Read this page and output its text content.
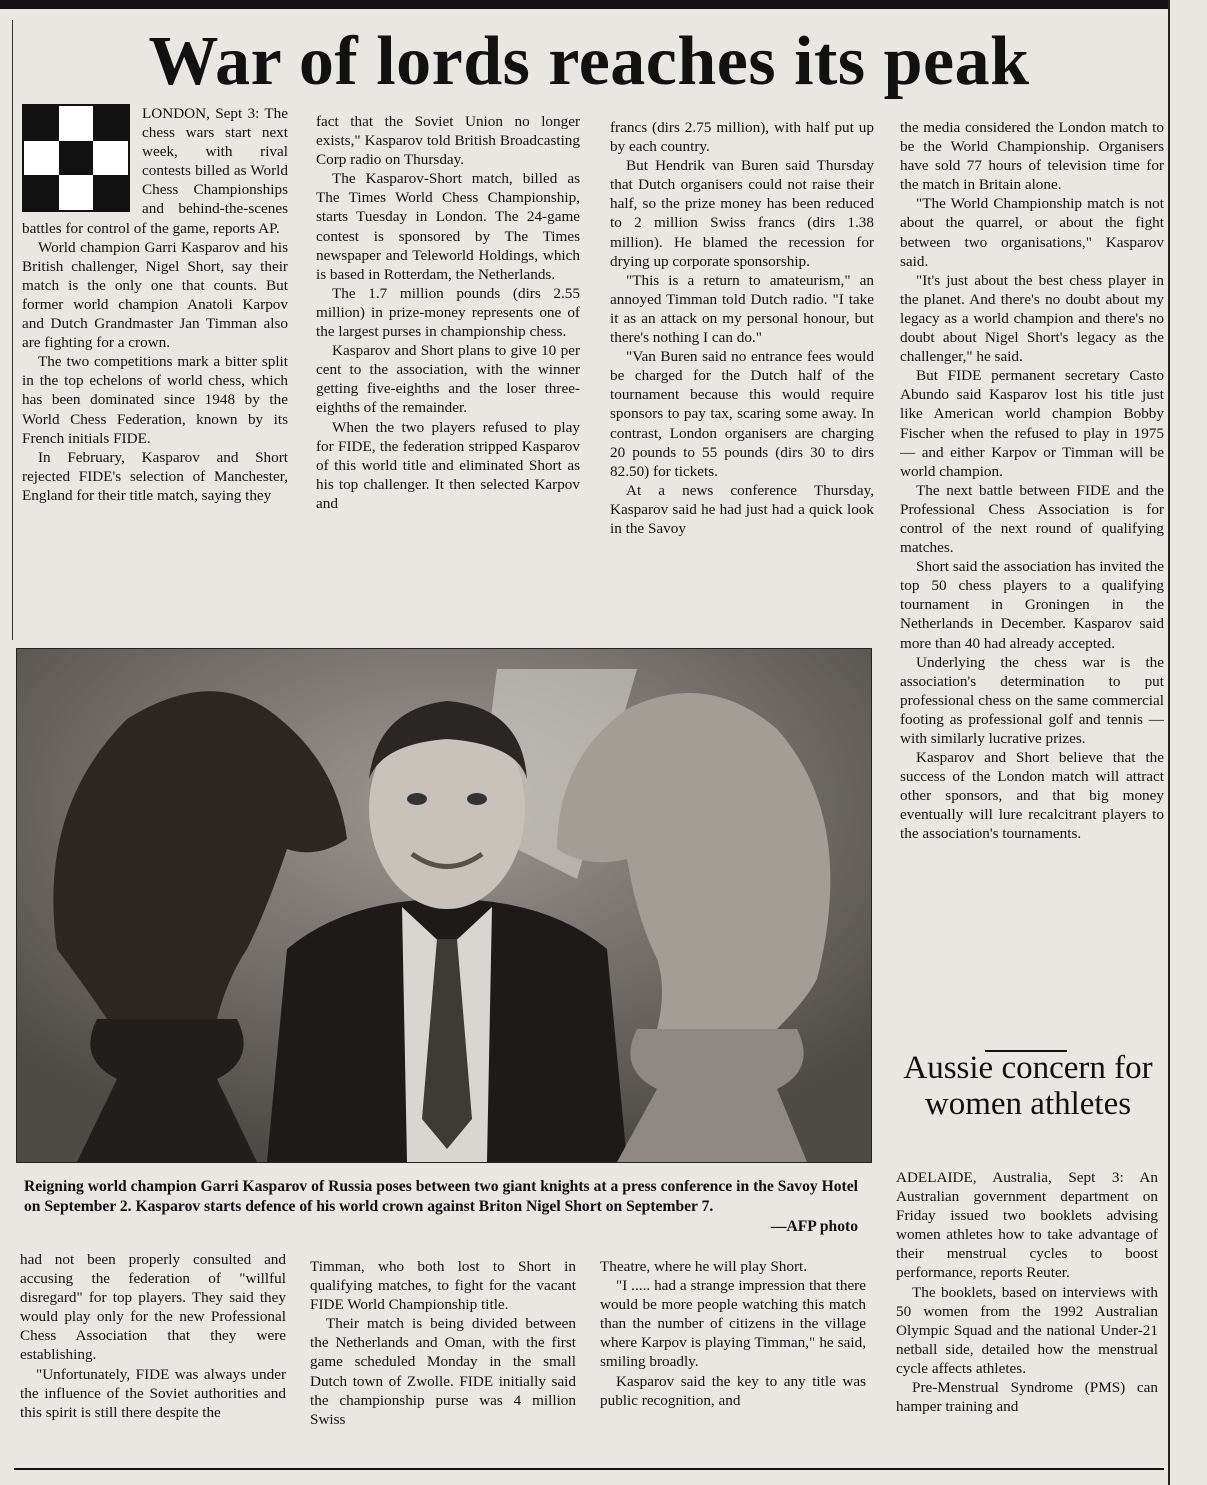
War of lords reaches its peak

LONDON, Sept 3: The chess wars start next week, with rival contests billed as World Chess Championships and behind-the-scenes battles for control of the game, reports AP.

World champion Garri Kasparov and his British challenger, Nigel Short, say their match is the only one that counts. But former world champion Anatoli Karpov and Dutch Grandmaster Jan Timman also are fighting for a crown.

The two competitions mark a bitter split in the top echelons of world chess, which has been dominated since 1948 by the World Chess Federation, known by its French initials FIDE.

In February, Kasparov and Short rejected FIDE's selection of Manchester, England for their title match, saying they

fact that the Soviet Union no longer exists," Kasparov told British Broadcasting Corp radio on Thursday.

The Kasparov-Short match, billed as The Times World Chess Championship, starts Tuesday in London. The 24-game contest is sponsored by The Times newspaper and Teleworld Holdings, which is based in Rotterdam, the Netherlands.

The 1.7 million pounds (dirs 2.55 million) in prize-money represents one of the largest purses in championship chess.

Kasparov and Short plans to give 10 per cent to the association, with the winner getting five-eighths and the loser three-eighths of the remainder.

When the two players refused to play for FIDE, the federation stripped Kasparov of this world title and eliminated Short as his top challenger. It then selected Karpov and

francs (dirs 2.75 million), with half put up by each country.

But Hendrik van Buren said Thursday that Dutch organisers could not raise their half, so the prize money has been reduced to 2 million Swiss francs (dirs 1.38 million). He blamed the recession for drying up corporate sponsorship.

"This is a return to amateurism," an annoyed Timman told Dutch radio. "I take it as an attack on my personal honour, but there's nothing I can do."

"Van Buren said no entrance fees would be charged for the Dutch half of the tournament because this would require sponsors to pay tax, scaring some away. In contrast, London organisers are charging 20 pounds to 55 pounds (dirs 30 to dirs 82.50) for tickets.

At a news conference Thursday, Kasparov said he had just had a quick look in the Savoy

the media considered the London match to be the World Championship. Organisers have sold 77 hours of television time for the match in Britain alone.

"The World Championship match is not about the quarrel, or about the fight between two organisations," Kasparov said.

"It's just about the best chess player in the planet. And there's no doubt about my legacy as a world champion and there's no doubt about Nigel Short's legacy as the challenger," he said.

But FIDE permanent secretary Casto Abundo said Kasparov lost his title just like American world champion Bobby Fischer when the refused to play in 1975 — and either Karpov or Timman will be world champion.

The next battle between FIDE and the Professional Chess Association is for control of the next round of qualifying matches.

Short said the association has invited the top 50 chess players to a qualifying tournament in Groningen in the Netherlands in December. Kasparov said more than 40 had already accepted.

Underlying the chess war is the association's determination to put professional chess on the same commercial footing as professional golf and tennis — with similarly lucrative prizes.

Kasparov and Short believe that the success of the London match will attract other sponsors, and that big money eventually will lure recalcitrant players to the association's tournaments.

Reigning world champion Garri Kasparov of Russia poses between two giant knights at a press conference in the Savoy Hotel on September 2. Kasparov starts defence of his world crown against Briton Nigel Short on September 7.
—AFP photo

had not been properly consulted and accusing the federation of "willful disregard" for top players. They said they would play only for the new Professional Chess Association that they were establishing.

"Unfortunately, FIDE was always under the influence of the Soviet authorities and this spirit is still there despite the

Timman, who both lost to Short in qualifying matches, to fight for the vacant FIDE World Championship title.

Their match is being divided between the Netherlands and Oman, with the first game scheduled Monday in the small Dutch town of Zwolle. FIDE initially said the championship purse was 4 million Swiss

Theatre, where he will play Short.

"I ..... had a strange impression that there would be more people watching this match than the number of citizens in the village where Karpov is playing Timman," he said, smiling broadly.

Kasparov said the key to any title was public recognition, and

Aussie concern for women athletes

ADELAIDE, Australia, Sept 3: An Australian government department on Friday issued two booklets advising women athletes how to take advantage of their menstrual cycles to boost performance, reports Reuter.

The booklets, based on interviews with 50 women from the 1992 Australian Olympic Squad and the national Under-21 netball side, detailed how the menstrual cycle affects athletes.

Pre-Menstrual Syndrome (PMS) can hamper training and
